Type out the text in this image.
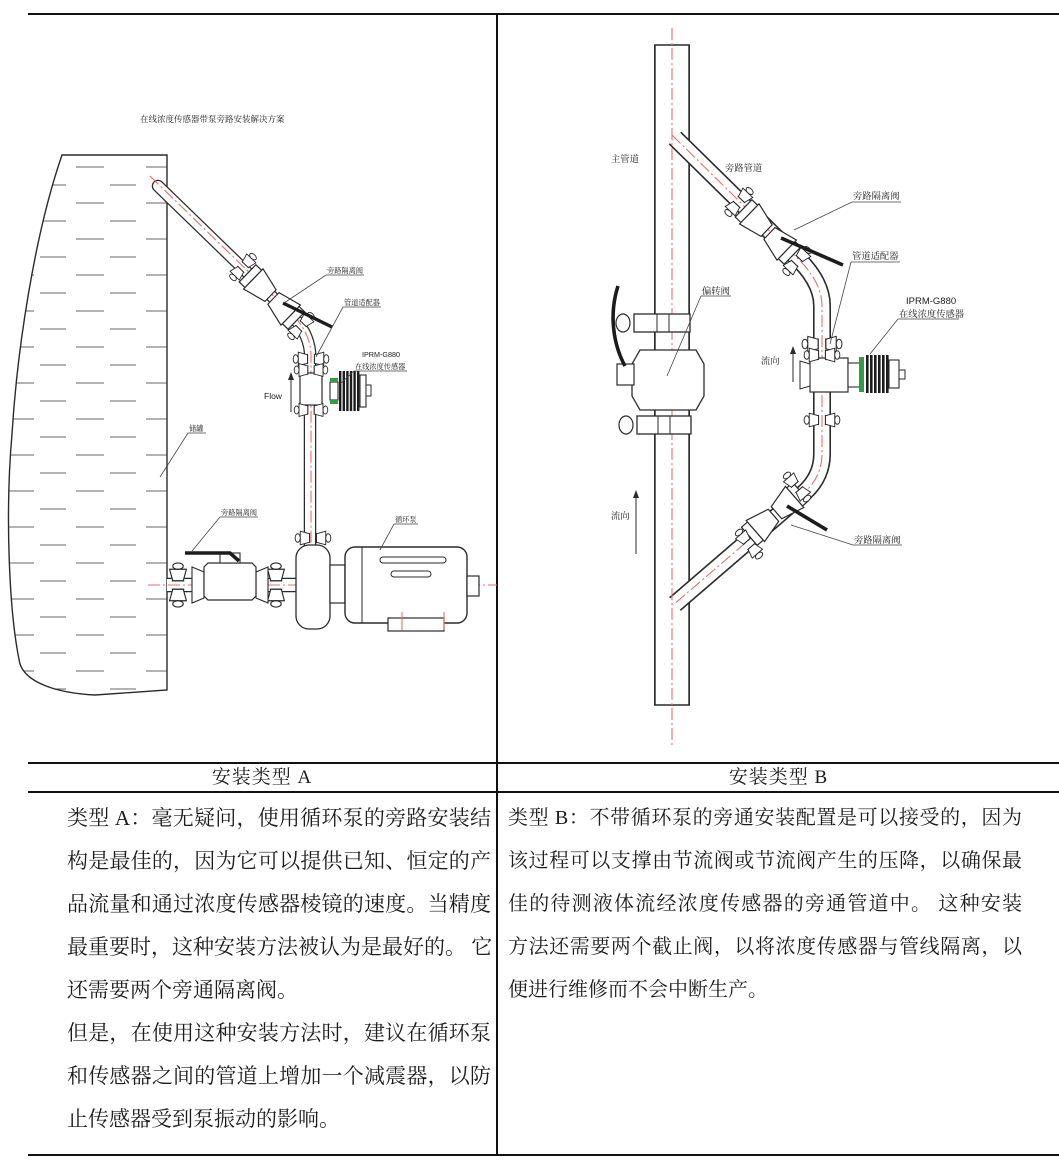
在线浓度传感器带泵旁路安装解决方案
Flow
旁路隔离阀
管道适配器
IPRM-G880
在线浓度传感器
储罐
旁路隔离阀
循环泵
流向
流向
主管道
旁路管道
旁路隔离阀
管道适配器
IPRM-G880
在线浓度传感器
偏转阀
旁路隔离阀
安装类型 A	安装类型 B
类型 A：毫无疑问，使用循环泵的旁路安装结
构是最佳的，因为它可以提供已知、恒定的产
品流量和通过浓度传感器棱镜的速度。当精度
最重要时，这种安装方法被认为是最好的。 它
还需要两个旁通隔离阀。
但是，在使用这种安装方法时，建议在循环泵
和传感器之间的管道上增加一个减震器，以防
止传感器受到泵振动的影响。
类型 B：不带循环泵的旁通安装配置是可以接受的，因为
该过程可以支撑由节流阀或节流阀产生的压降，以确保最
佳的待测液体流经浓度传感器的旁通管道中。 这种安装
方法还需要两个截止阀，以将浓度传感器与管线隔离，以
便进行维修而不会中断生产。
